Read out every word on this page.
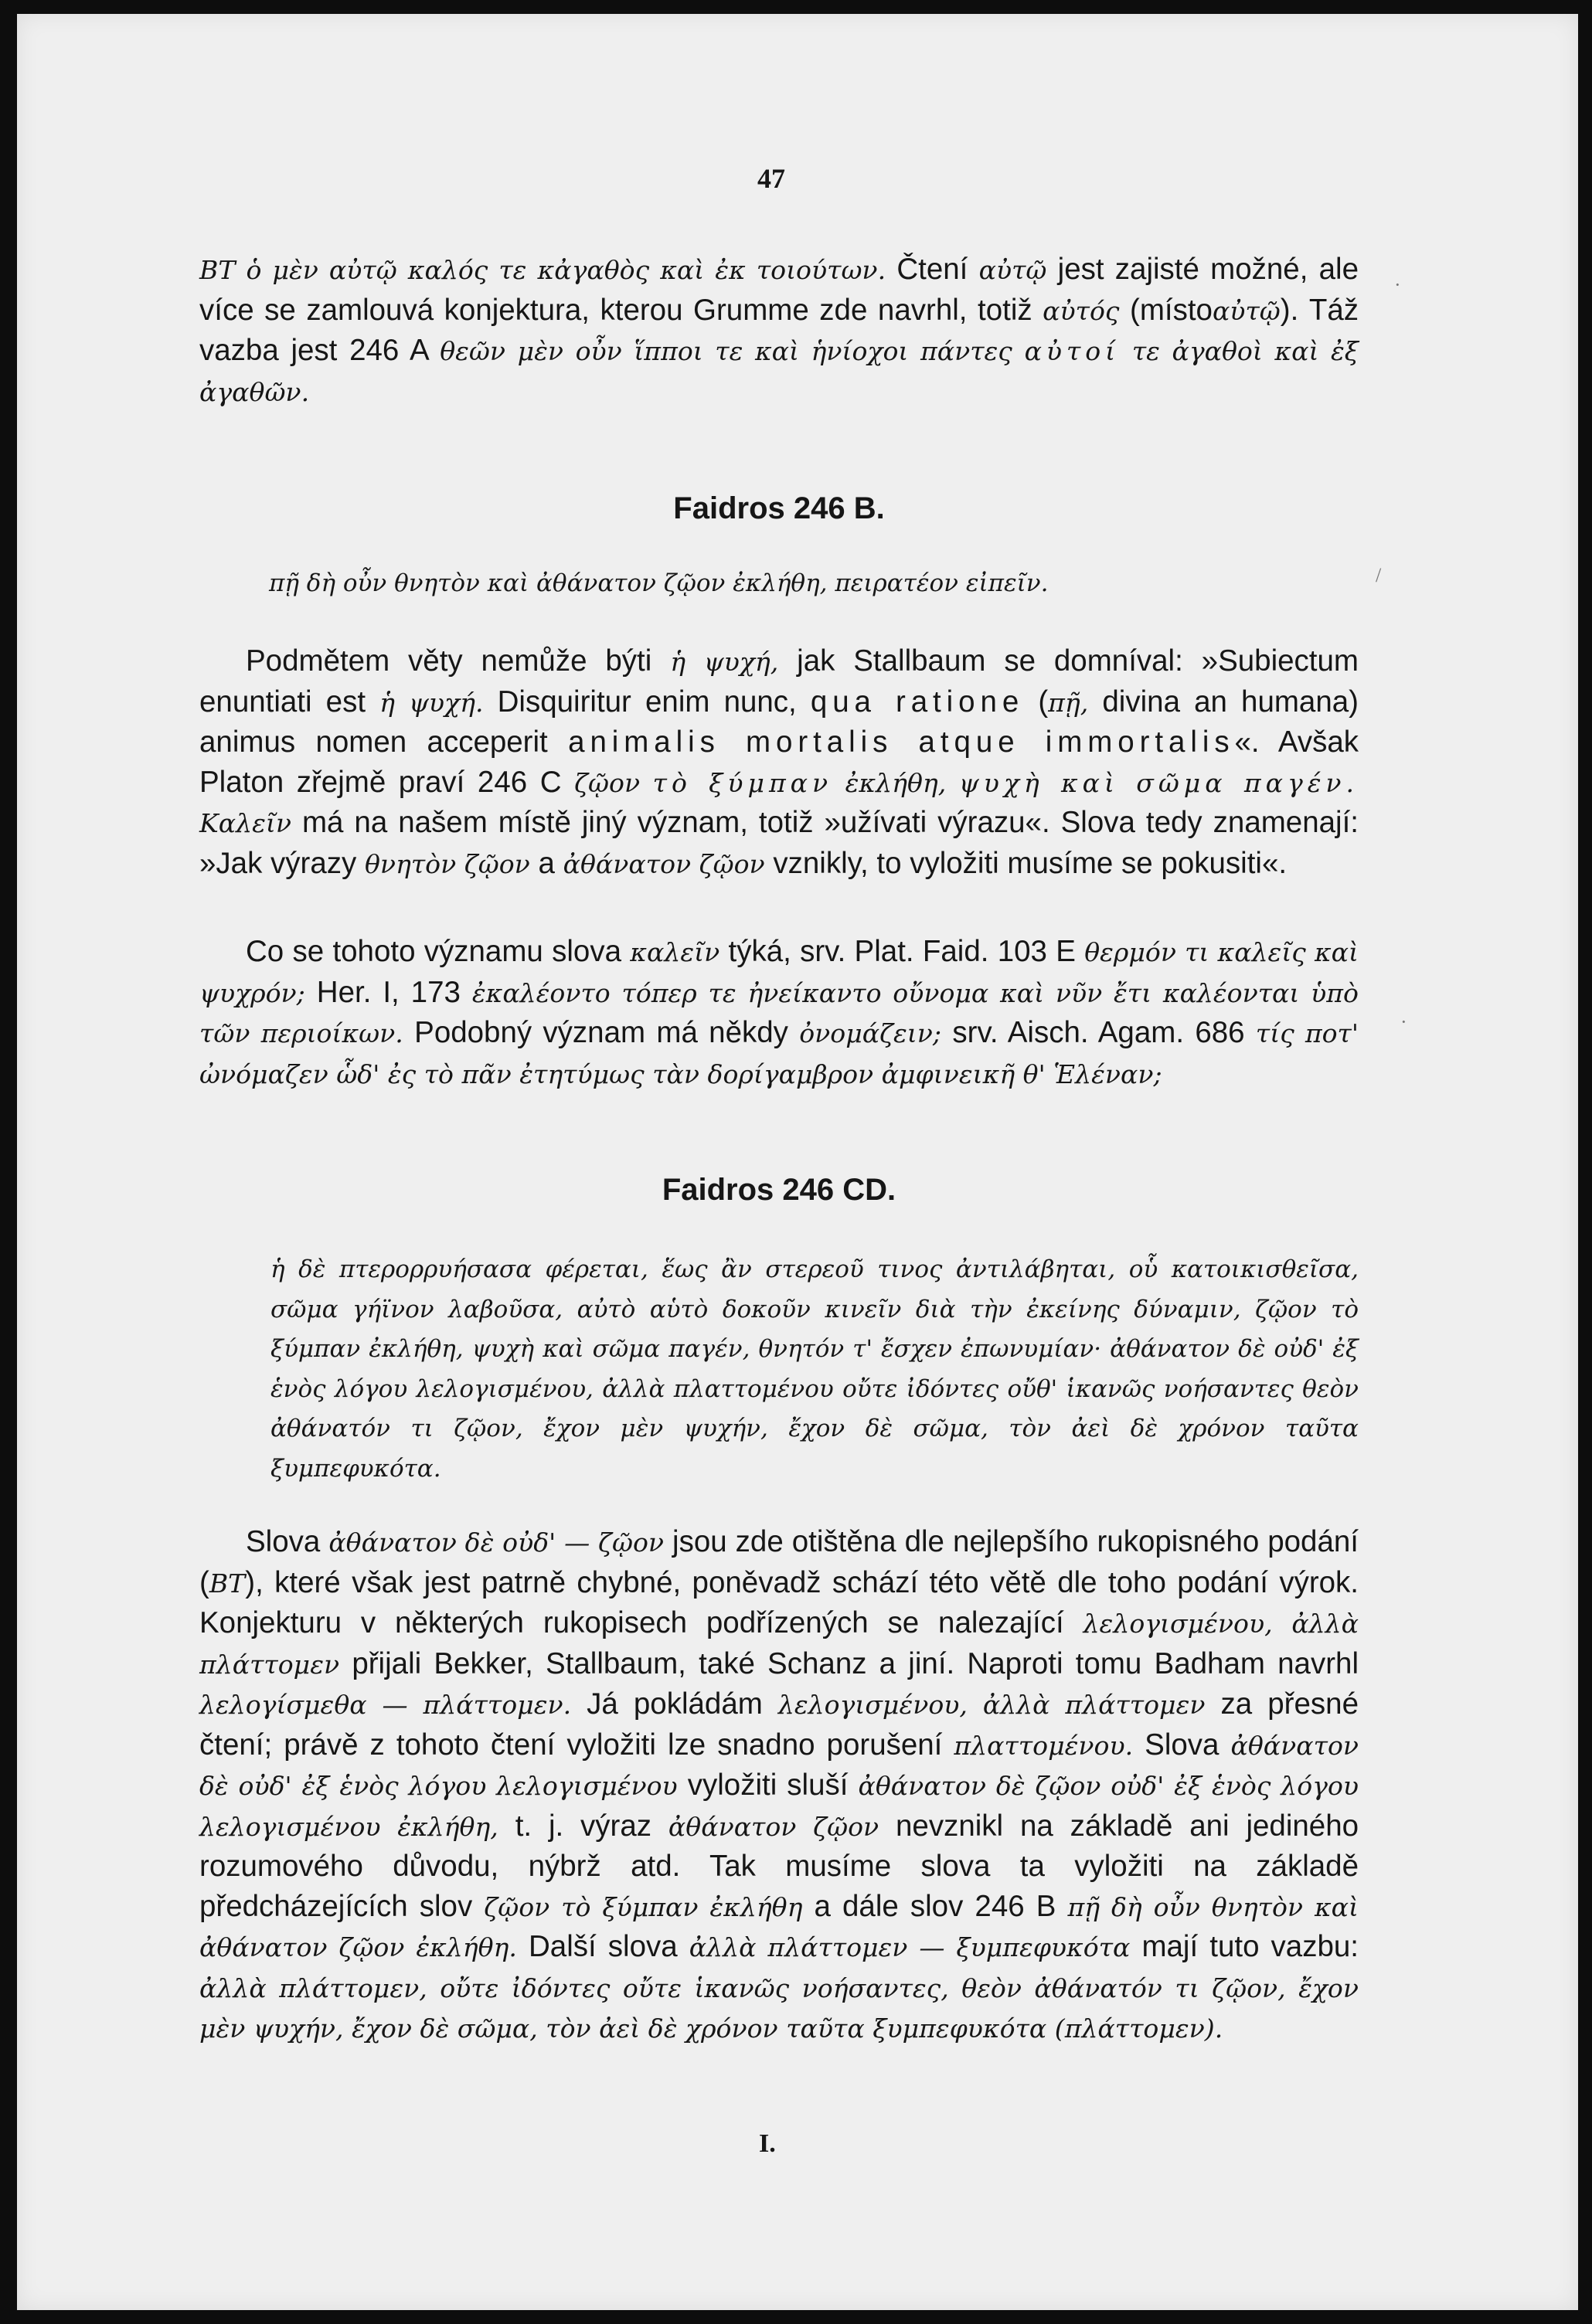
47

BT ὁ μὲν αὐτῷ καλός τε κἀγαθὸς καὶ ἐκ τοιούτων. Čtení αὐτῷ jest zajisté možné, ale více se zamlouvá konjektura, kterou Grumme zde navrhl, totiž αὐτός (místoαὐτῷ). Táž vazba jest 246 A θεῶν μὲν οὖν ἵπποι τε καὶ ἡνίοχοι πάντες αὐτοί τε ἀγαθοὶ καὶ ἐξ ἀγαθῶν.

Faidros 246 B.

πῇ δὴ οὖν θνητὸν καὶ ἀθάνατον ζῷον ἐκλήθη, πειρατέον εἰπεῖν.

Podmětem věty nemůže býti ἡ ψυχή, jak Stallbaum se domníval: »Subiectum enuntiati est ἡ ψυχή. Disquiritur enim nunc, qua ratione (πῇ, divina an humana) animus nomen acceperit animalis mortalis atque immortalis«. Avšak Platon zřejmě praví 246 C ζῷον τὸ ξύμπαν ἐκλήθη, ψυχὴ καὶ σῶμα παγέν. Καλεῖν má na našem místě jiný význam, totiž »užívati výrazu«. Slova tedy znamenají: »Jak výrazy θνητὸν ζῷον a ἀθάνατον ζῷον vznikly, to vyložiti musíme se pokusiti«.

Co se tohoto významu slova καλεῖν týká, srv. Plat. Faid. 103 E θερμόν τι καλεῖς καὶ ψυχρόν; Her. I, 173 ἐκαλέοντο τόπερ τε ἠνείκαντο οὔνομα καὶ νῦν ἔτι καλέονται ὑπὸ τῶν περιοίκων. Podobný význam má někdy ὀνομάζειν; srv. Aisch. Agam. 686 τίς ποτ' ὠνόμαζεν ὧδ' ἐς τὸ πᾶν ἐτητύμως τὰν δορίγαμβρον ἀμφινεικῆ θ' Ἑλέναν;

Faidros 246 CD.

ἡ δὲ πτερορρυήσασα φέρεται, ἕως ἂν στερεοῦ τινος ἀντιλάβηται, οὗ κατοικισθεῖσα, σῶμα γήϊνον λαβοῦσα, αὐτὸ αὑτὸ δοκοῦν κινεῖν διὰ τὴν ἐκείνης δύναμιν, ζῷον τὸ ξύμπαν ἐκλήθη, ψυχὴ καὶ σῶμα παγέν, θνητόν τ' ἔσχεν ἐπωνυμίαν· ἀθάνατον δὲ οὐδ' ἐξ ἑνὸς λόγου λελογισμένου, ἀλλὰ πλαττομένου οὔτε ἰδόντες οὔθ' ἱκανῶς νοήσαντες θεὸν ἀθάνατόν τι ζῷον, ἔχον μὲν ψυχήν, ἔχον δὲ σῶμα, τὸν ἀεὶ δὲ χρόνον ταῦτα ξυμπεφυκότα.

Slova ἀθάνατον δὲ οὐδ' — ζῷον jsou zde otištěna dle nejlepšího rukopisného podání (BT), které však jest patrně chybné, poněvadž schází této větě dle toho podání výrok. Konjekturu v některých rukopisech podřízených se nalezající λελογισμένου, ἀλλὰ πλάττομεν přijali Bekker, Stallbaum, také Schanz a jiní. Naproti tomu Badham navrhl λελογίσμεθα — πλάττομεν. Já pokládám λελογισμένου, ἀλλὰ πλάττομεν za přesné čtení; právě z tohoto čtení vyložiti lze snadno porušení πλαττομένου. Slova ἀθάνατον δὲ οὐδ' ἐξ ἑνὸς λόγου λελογισμένου vyložiti sluší ἀθάνατον δὲ ζῷον οὐδ' ἐξ ἑνὸς λόγου λελογισμένου ἐκλήθη, t. j. výraz ἀθάνατον ζῷον nevznikl na základě ani jediného rozumového důvodu, nýbrž atd. Tak musíme slova ta vyložiti na základě předcházejících slov ζῷον τὸ ξύμπαν ἐκλήθη a dále slov 246 B πῇ δὴ οὖν θνητὸν καὶ ἀθάνατον ζῷον ἐκλήθη. Další slova ἀλλὰ πλάττομεν — ξυμπεφυκότα mají tuto vazbu: ἀλλὰ πλάττομεν, οὔτε ἰδόντες οὔτε ἱκανῶς νοήσαντες, θεὸν ἀθάνατόν τι ζῷον, ἔχον μὲν ψυχήν, ἔχον δὲ σῶμα, τὸν ἀεὶ δὲ χρόνον ταῦτα ξυμπεφυκότα (πλάττομεν).

I.
/
·
·
